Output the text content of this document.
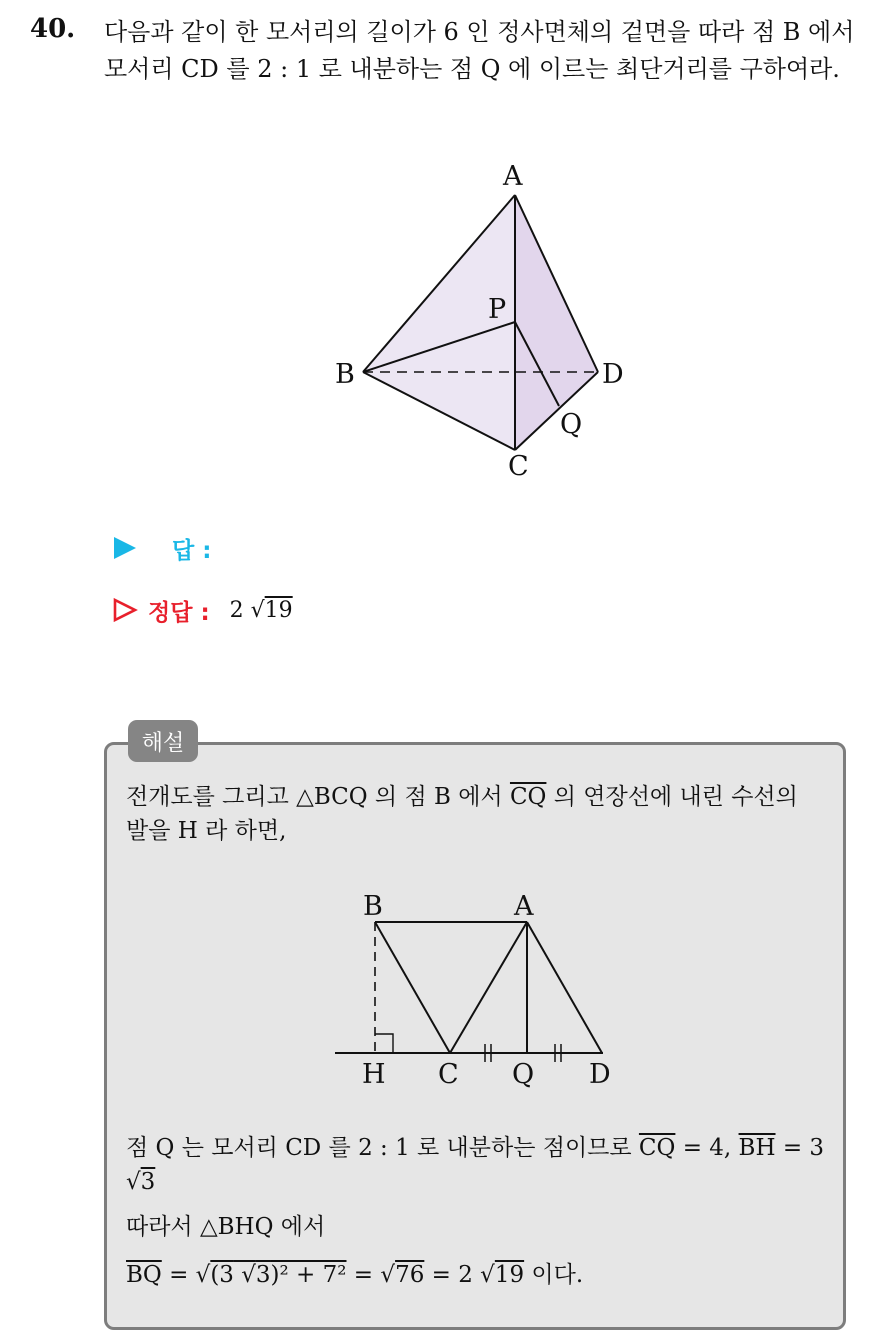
40. 다음과 같이 한 모서리의 길이가 6 인 정사면체의 겉면을 따라 점 B 에서 모서리 CD 를 2 : 1 로 내분하는 점 Q 에 이르는 최단거리를 구하여라.

A
P
B	D
Q
C
답 :
정답 : 2 √19
해설

전개도를 그리고 △BCQ 의 점 B 에서 $\overline{CQ}$ 의 연장선에 내린 수선의 발을 H 라 하면,

B	A
H C Q D

점 Q 는 모서리 CD 를 2 : 1 로 내분하는 점이므로 $\overline{CQ} = 4$, $\overline{BH} = 3$ √3

따라서 △BHQ 에서

$\overline{BQ} = √(3$ √3)² + 7² = √76 = 2 √19 이다.
